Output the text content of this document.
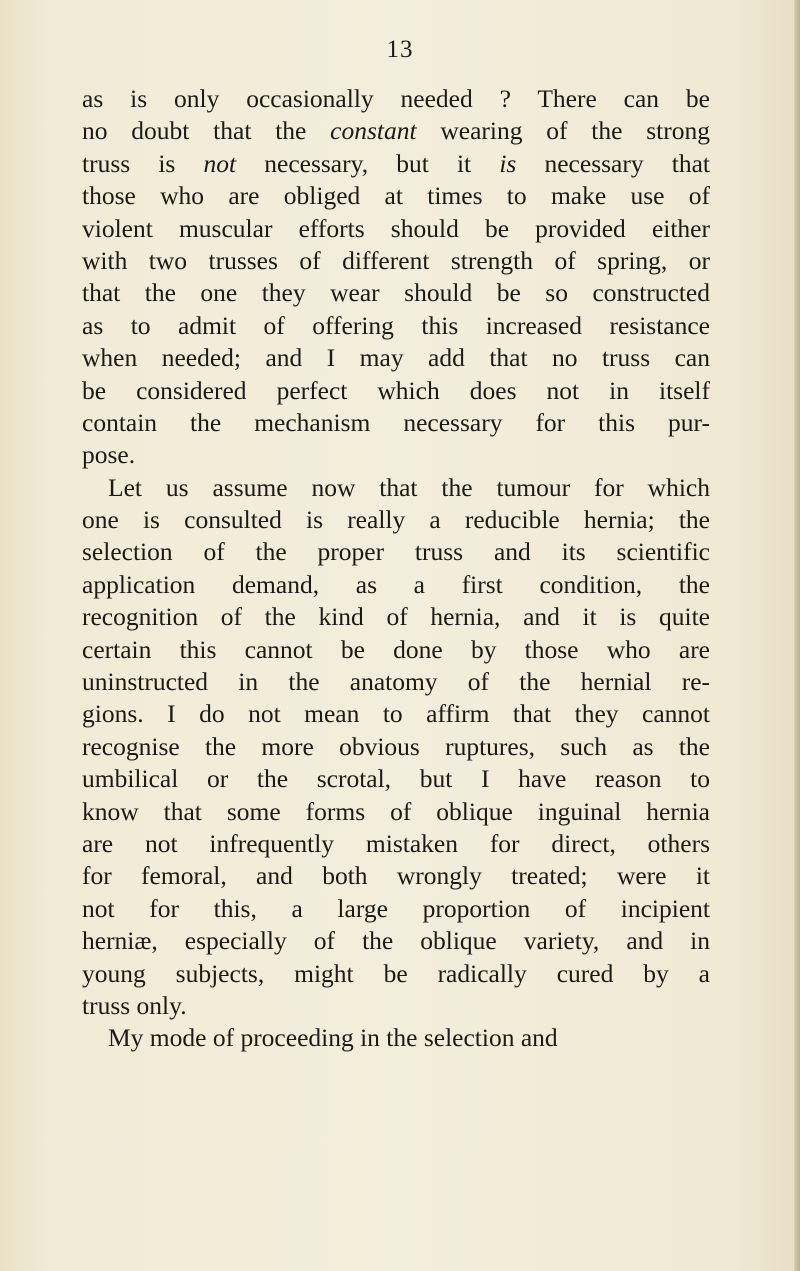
13
as is only occasionally needed ? There can be
no doubt that the constant wearing of the strong
truss is not necessary, but it is necessary that
those who are obliged at times to make use of
violent muscular efforts should be provided either
with two trusses of different strength of spring, or
that the one they wear should be so constructed
as to admit of offering this increased resistance
when needed; and I may add that no truss can
be considered perfect which does not in itself
contain the mechanism necessary for this pur-
pose.
Let us assume now that the tumour for which
one is consulted is really a reducible hernia; the
selection of the proper truss and its scientific
application demand, as a first condition, the
recognition of the kind of hernia, and it is quite
certain this cannot be done by those who are
uninstructed in the anatomy of the hernial re-
gions. I do not mean to affirm that they cannot
recognise the more obvious ruptures, such as the
umbilical or the scrotal, but I have reason to
know that some forms of oblique inguinal hernia
are not infrequently mistaken for direct, others
for femoral, and both wrongly treated; were it
not for this, a large proportion of incipient
herniæ, especially of the oblique variety, and in
young subjects, might be radically cured by a
truss only.
My mode of proceeding in the selection and
